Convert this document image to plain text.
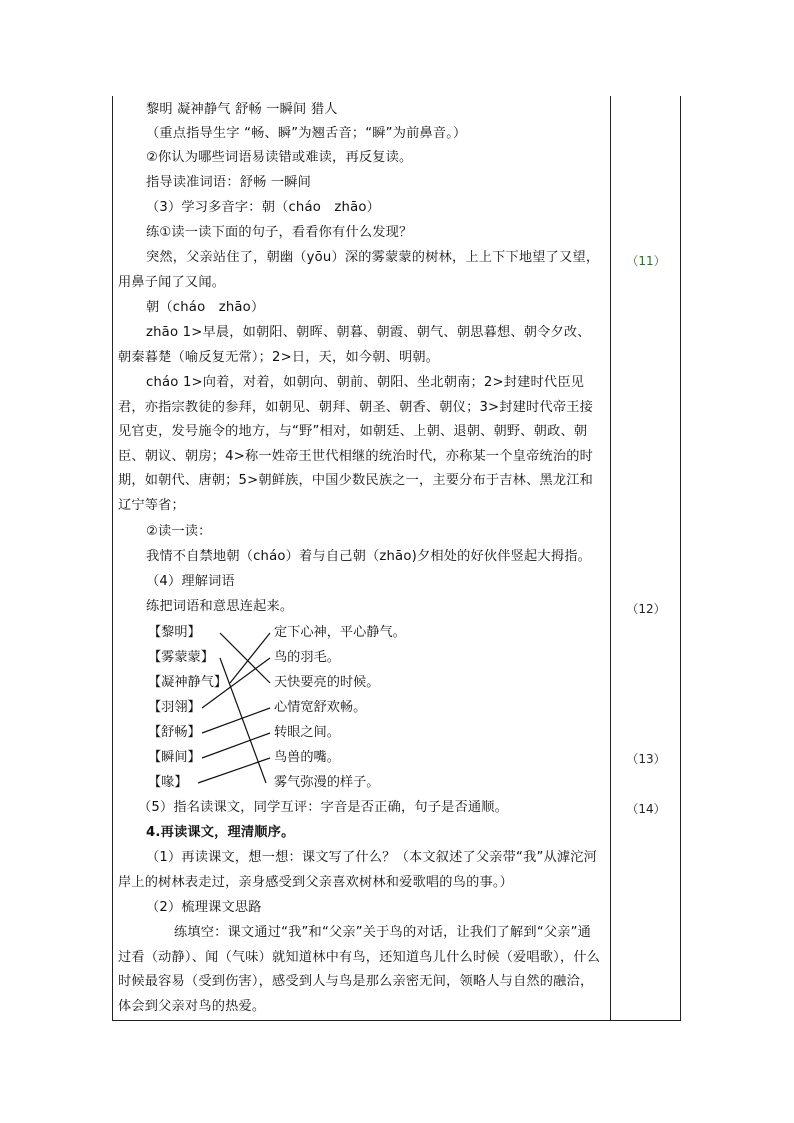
黎明 凝神静气 舒畅 一瞬间 猎人
（重点指导生字 “畅、瞬”为翘舌音；“瞬”为前鼻音。）
②你认为哪些词语易读错或难读，再反复读。
指导读准词语：舒畅 一瞬间
（3）学习多音字：朝（cháo　zhāo）
练①读一读下面的句子，看看你有什么发现？
突然，父亲站住了，朝幽（yōu）深的雾蒙蒙的树林，上上下下地望了又望，用鼻子闻了又闻。
朝（cháo　zhāo）
zhāo 1>早晨，如朝阳、朝晖、朝暮、朝霞、朝气、朝思暮想、朝令夕改、朝秦暮楚（喻反复无常）；2>日，天，如今朝、明朝。
cháo 1>向着，对着，如朝向、朝前、朝阳、坐北朝南；2>封建时代臣见君，亦指宗教徒的参拜，如朝见、朝拜、朝圣、朝香、朝仪；3>封建时代帝王接见官吏，发号施令的地方，与“野”相对，如朝廷、上朝、退朝、朝野、朝政、朝臣、朝议、朝房；4>称一姓帝王世代相继的统治时代，亦称某一个皇帝统治的时期，如朝代、唐朝；5>朝鲜族，中国少数民族之一，主要分布于吉林、黑龙江和辽宁等省；
②读一读：
我情不自禁地朝（cháo）着与自己朝（zhāo)夕相处的好伙伴竖起大拇指。
（4）理解词语
练把词语和意思连起来。
【黎明】
【雾蒙蒙】
【凝神静气】
【羽翎】
【舒畅】
【瞬间】
【喙】
定下心神，平心静气。
鸟的羽毛。
天快要亮的时候。
心情宽舒欢畅。
转眼之间。
鸟兽的嘴。
雾气弥漫的样子。
（5）指名读课文，同学互评：字音是否正确，句子是否通顺。
4.再读课文，理清顺序。
（1）再读课文，想一想：课文写了什么？（本文叙述了父亲带“我”从滹沱河岸上的树林表走过，亲身感受到父亲喜欢树林和爱歌唱的鸟的事。）
（2）梳理课文思路
练填空：课文通过“我”和“父亲”关于鸟的对话，让我们了解到“父亲”通过看（动静）、闻（气味）就知道林中有鸟，还知道鸟儿什么时候（爱唱歌），什么时候最容易（受到伤害），感受到人与鸟是那么亲密无间，领略人与自然的融洽，体会到父亲对鸟的热爱。
（11）
（12）
（13）
（14）
